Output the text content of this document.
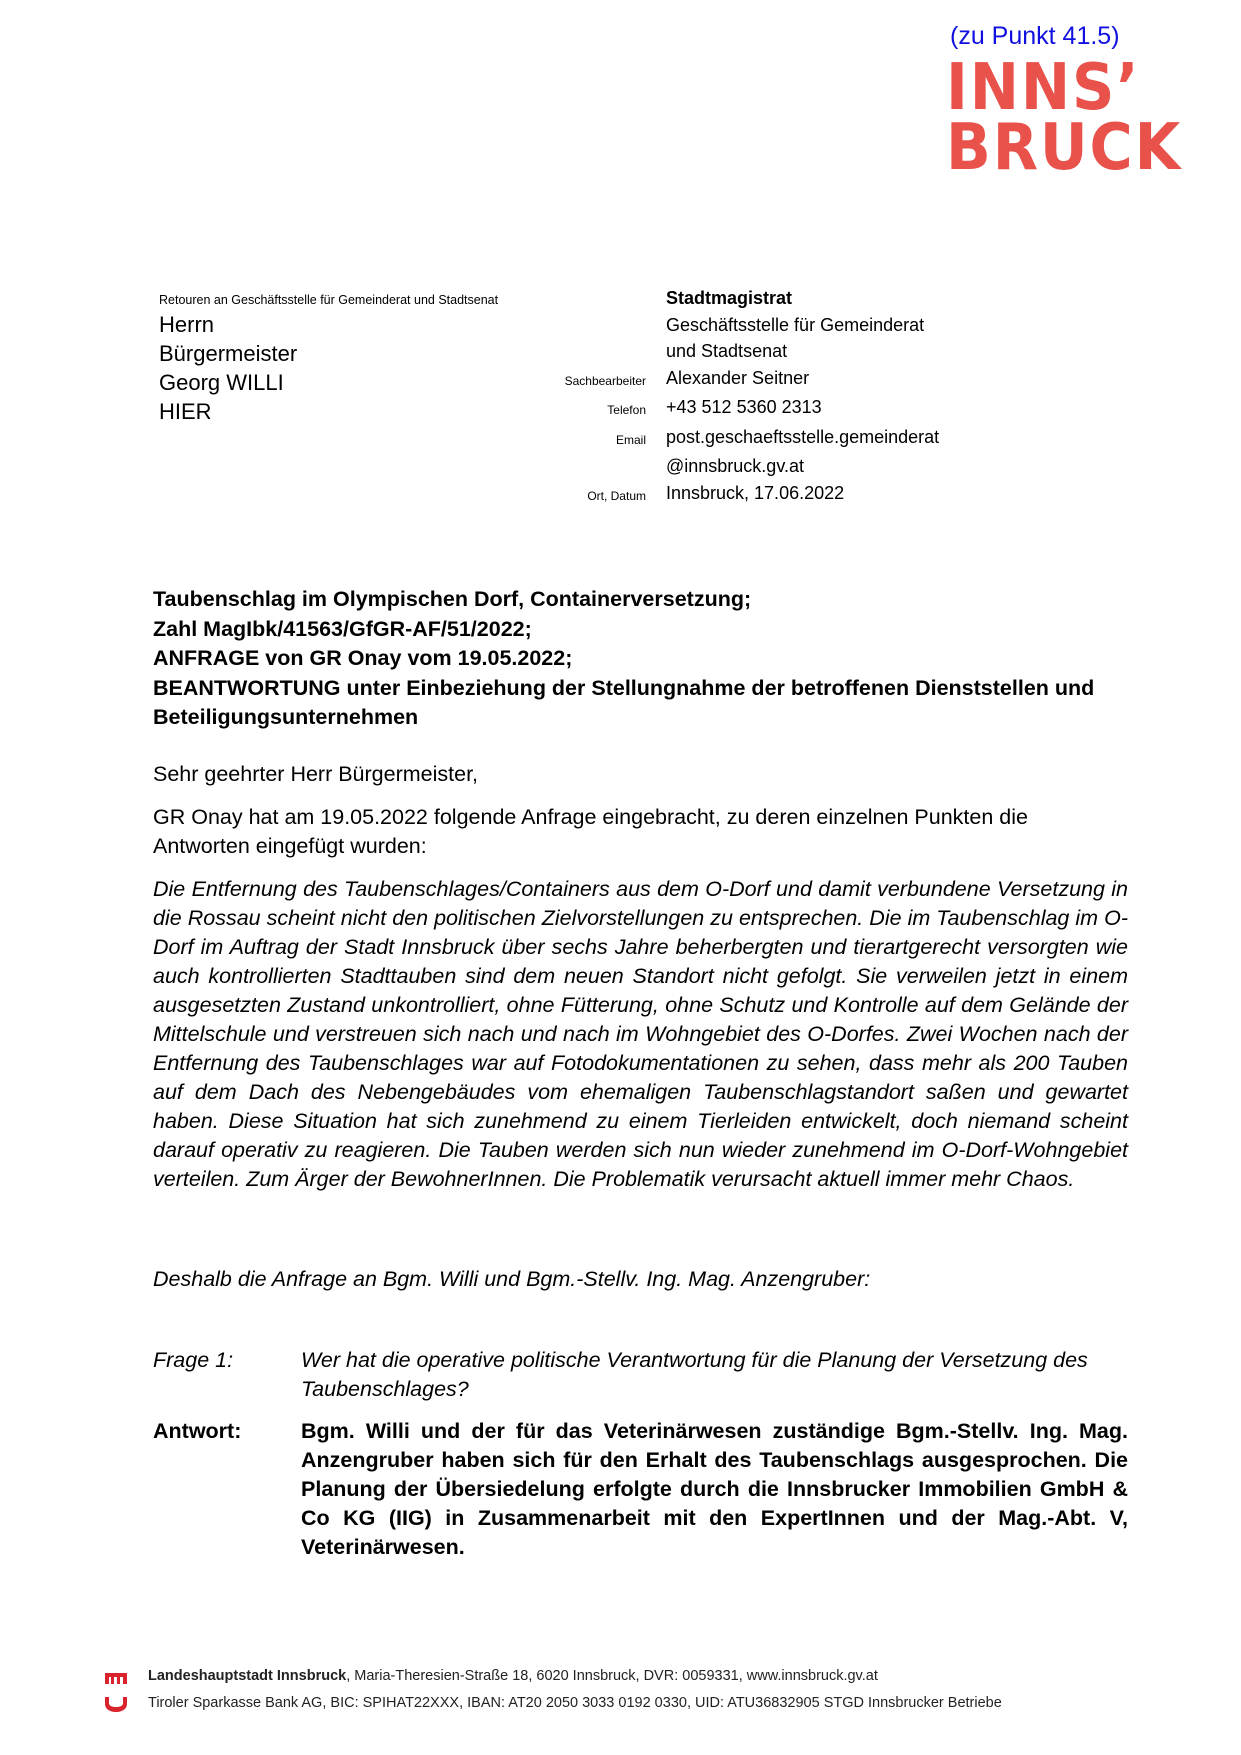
(zu Punkt 41.5)
INNS’
BRUCK
Retouren an Geschäftsstelle für Gemeinderat und Stadtsenat
Herrn
Bürgermeister
Georg WILLI
HIER
Stadtmagistrat
Geschäftsstelle für Gemeinderat
und Stadtsenat
Sachbearbeiter	Alexander Seitner
Telefon	+43 512 5360 2313
Email	post.geschaeftsstelle.gemeinderat
@innsbruck.gv.at
Ort, Datum	Innsbruck, 17.06.2022
Taubenschlag im Olympischen Dorf, Containerversetzung;
Zahl MagIbk/41563/GfGR-AF/51/2022;
ANFRAGE von GR Onay vom 19.05.2022;
BEANTWORTUNG unter Einbeziehung der Stellungnahme der betroffenen Dienststellen und Beteiligungsunternehmen
Sehr geehrter Herr Bürgermeister,
GR Onay hat am 19.05.2022 folgende Anfrage eingebracht, zu deren einzelnen Punkten die Antworten eingefügt wurden:
Die Entfernung des Taubenschlages/Containers aus dem O-Dorf und damit verbundene Versetzung in die Rossau scheint nicht den politischen Zielvorstellungen zu entsprechen. Die im Taubenschlag im O-Dorf im Auftrag der Stadt Innsbruck über sechs Jahre beherbergten und tierartgerecht versorgten wie auch kontrollierten Stadttauben sind dem neuen Standort nicht gefolgt. Sie verweilen jetzt in einem ausgesetzten Zustand unkontrolliert, ohne Fütterung, ohne Schutz und Kontrolle auf dem Gelände der Mittelschule und verstreuen sich nach und nach im Wohngebiet des O-Dorfes. Zwei Wochen nach der Entfernung des Taubenschlages war auf Fotodokumentationen zu sehen, dass mehr als 200 Tauben auf dem Dach des Nebengebäudes vom ehemaligen Taubenschlagstandort saßen und gewartet haben. Diese Situation hat sich zunehmend zu einem Tierleiden entwickelt, doch niemand scheint darauf operativ zu reagieren. Die Tauben werden sich nun wieder zunehmend im O-Dorf-Wohngebiet verteilen. Zum Ärger der BewohnerInnen. Die Problematik verursacht aktuell immer mehr Chaos.
Deshalb die Anfrage an Bgm. Willi und Bgm.-Stellv. Ing. Mag. Anzengruber:
Frage 1:	Wer hat die operative politische Verantwortung für die Planung der Versetzung des Taubenschlages?
Antwort:	Bgm. Willi und der für das Veterinärwesen zuständige Bgm.-Stellv. Ing. Mag. Anzengruber haben sich für den Erhalt des Taubenschlags ausgesprochen. Die Planung der Übersiedelung erfolgte durch die Innsbrucker Immobilien GmbH & Co KG (IIG) in Zusammenarbeit mit den ExpertInnen und der Mag.-Abt. V, Veterinärwesen.
Landeshauptstadt Innsbruck, Maria-Theresien-Straße 18, 6020 Innsbruck, DVR: 0059331, www.innsbruck.gv.at
Tiroler Sparkasse Bank AG, BIC: SPIHAT22XXX, IBAN: AT20 2050 3033 0192 0330, UID: ATU36832905 STGD Innsbrucker Betriebe
